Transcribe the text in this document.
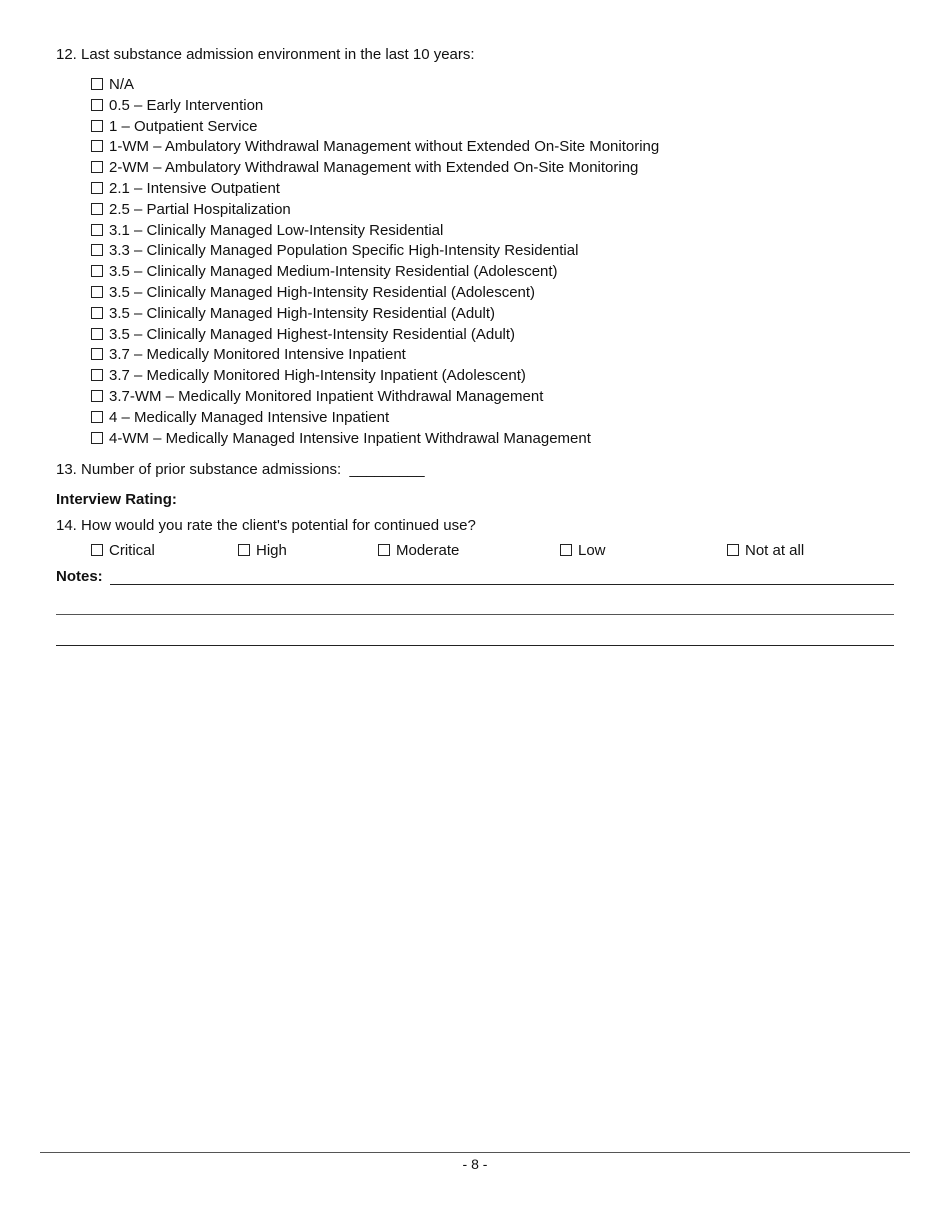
12. Last substance admission environment in the last 10 years:
N/A
0.5 – Early Intervention
1 – Outpatient Service
1-WM – Ambulatory Withdrawal Management without Extended On-Site Monitoring
2-WM – Ambulatory Withdrawal Management with Extended On-Site Monitoring
2.1 – Intensive Outpatient
2.5 – Partial Hospitalization
3.1 – Clinically Managed Low-Intensity Residential
3.3 – Clinically Managed Population Specific High-Intensity Residential
3.5 – Clinically Managed Medium-Intensity Residential (Adolescent)
3.5 – Clinically Managed High-Intensity Residential (Adolescent)
3.5 – Clinically Managed High-Intensity Residential (Adult)
3.5 – Clinically Managed Highest-Intensity Residential (Adult)
3.7 – Medically Monitored Intensive Inpatient
3.7 – Medically Monitored High-Intensity Inpatient (Adolescent)
3.7-WM – Medically Monitored Inpatient Withdrawal Management
4 – Medically Managed Intensive Inpatient
4-WM – Medically Managed Intensive Inpatient Withdrawal Management
13. Number of prior substance admissions: _________
Interview Rating:
14. How would you rate the client's potential for continued use?
Critical	High	Moderate	Low	Not at all
Notes:
- 8 -
